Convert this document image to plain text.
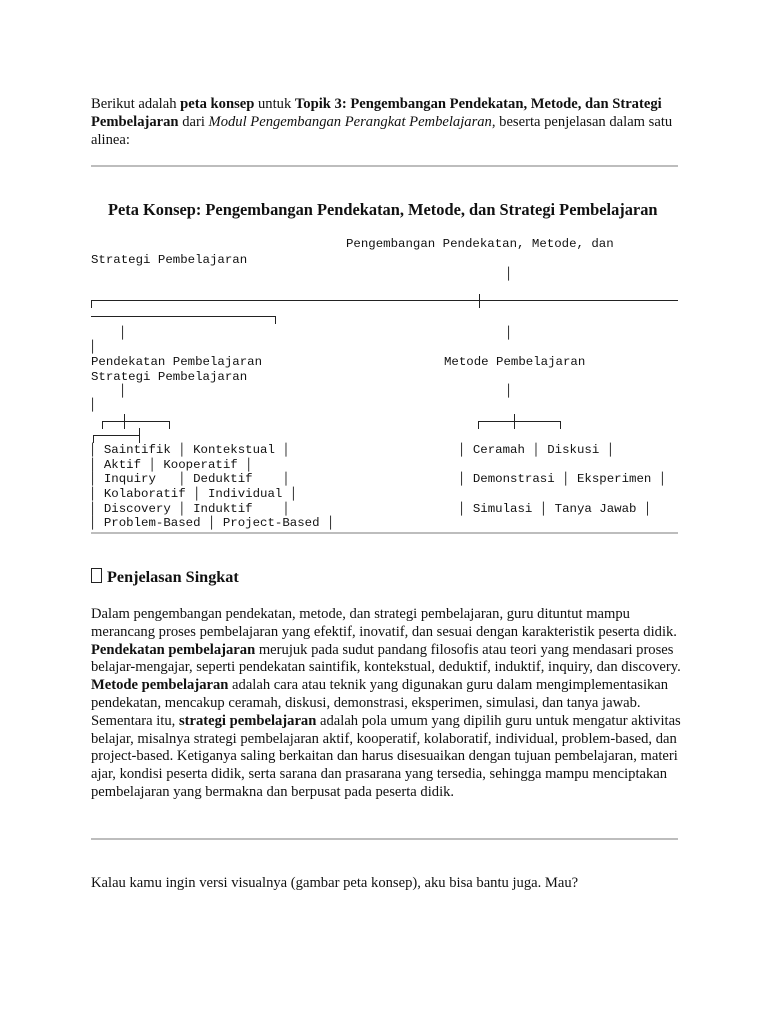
Berikut adalah peta konsep untuk Topik 3: Pengembangan Pendekatan, Metode, dan Strategi Pembelajaran dari Modul Pengembangan Perangkat Pembelajaran, beserta penjelasan dalam satu alinea:

Peta Konsep: Pengembangan Pendekatan, Metode, dan Strategi Pembelajaran
Pengembangan Pendekatan, Metode, dan
Strategi Pembelajaran
│
│	│
│
Pendekatan Pembelajaran	Metode Pembelajaran
Strategi Pembelajaran
│	│
│
│ Saintifik │ Kontekstual │	│ Ceramah │ Diskusi │
│ Aktif │ Kooperatif │
│ Inquiry   │ Deduktif    │	│ Demonstrasi │ Eksperimen │
│ Kolaboratif │ Individual │
│ Discovery │ Induktif    │	│ Simulasi │ Tanya Jawab │
│ Problem-Based │ Project-Based │
Penjelasan Singkat

Dalam pengembangan pendekatan, metode, dan strategi pembelajaran, guru dituntut mampu merancang proses pembelajaran yang efektif, inovatif, dan sesuai dengan karakteristik peserta didik. Pendekatan pembelajaran merujuk pada sudut pandang filosofis atau teori yang mendasari proses belajar-mengajar, seperti pendekatan saintifik, kontekstual, deduktif, induktif, inquiry, dan discovery. Metode pembelajaran adalah cara atau teknik yang digunakan guru dalam mengimplementasikan pendekatan, mencakup ceramah, diskusi, demonstrasi, eksperimen, simulasi, dan tanya jawab. Sementara itu, strategi pembelajaran adalah pola umum yang dipilih guru untuk mengatur aktivitas belajar, misalnya strategi pembelajaran aktif, kooperatif, kolaboratif, individual, problem-based, dan project-based. Ketiganya saling berkaitan dan harus disesuaikan dengan tujuan pembelajaran, materi ajar, kondisi peserta didik, serta sarana dan prasarana yang tersedia, sehingga mampu menciptakan pembelajaran yang bermakna dan berpusat pada peserta didik.

Kalau kamu ingin versi visualnya (gambar peta konsep), aku bisa bantu juga. Mau?
